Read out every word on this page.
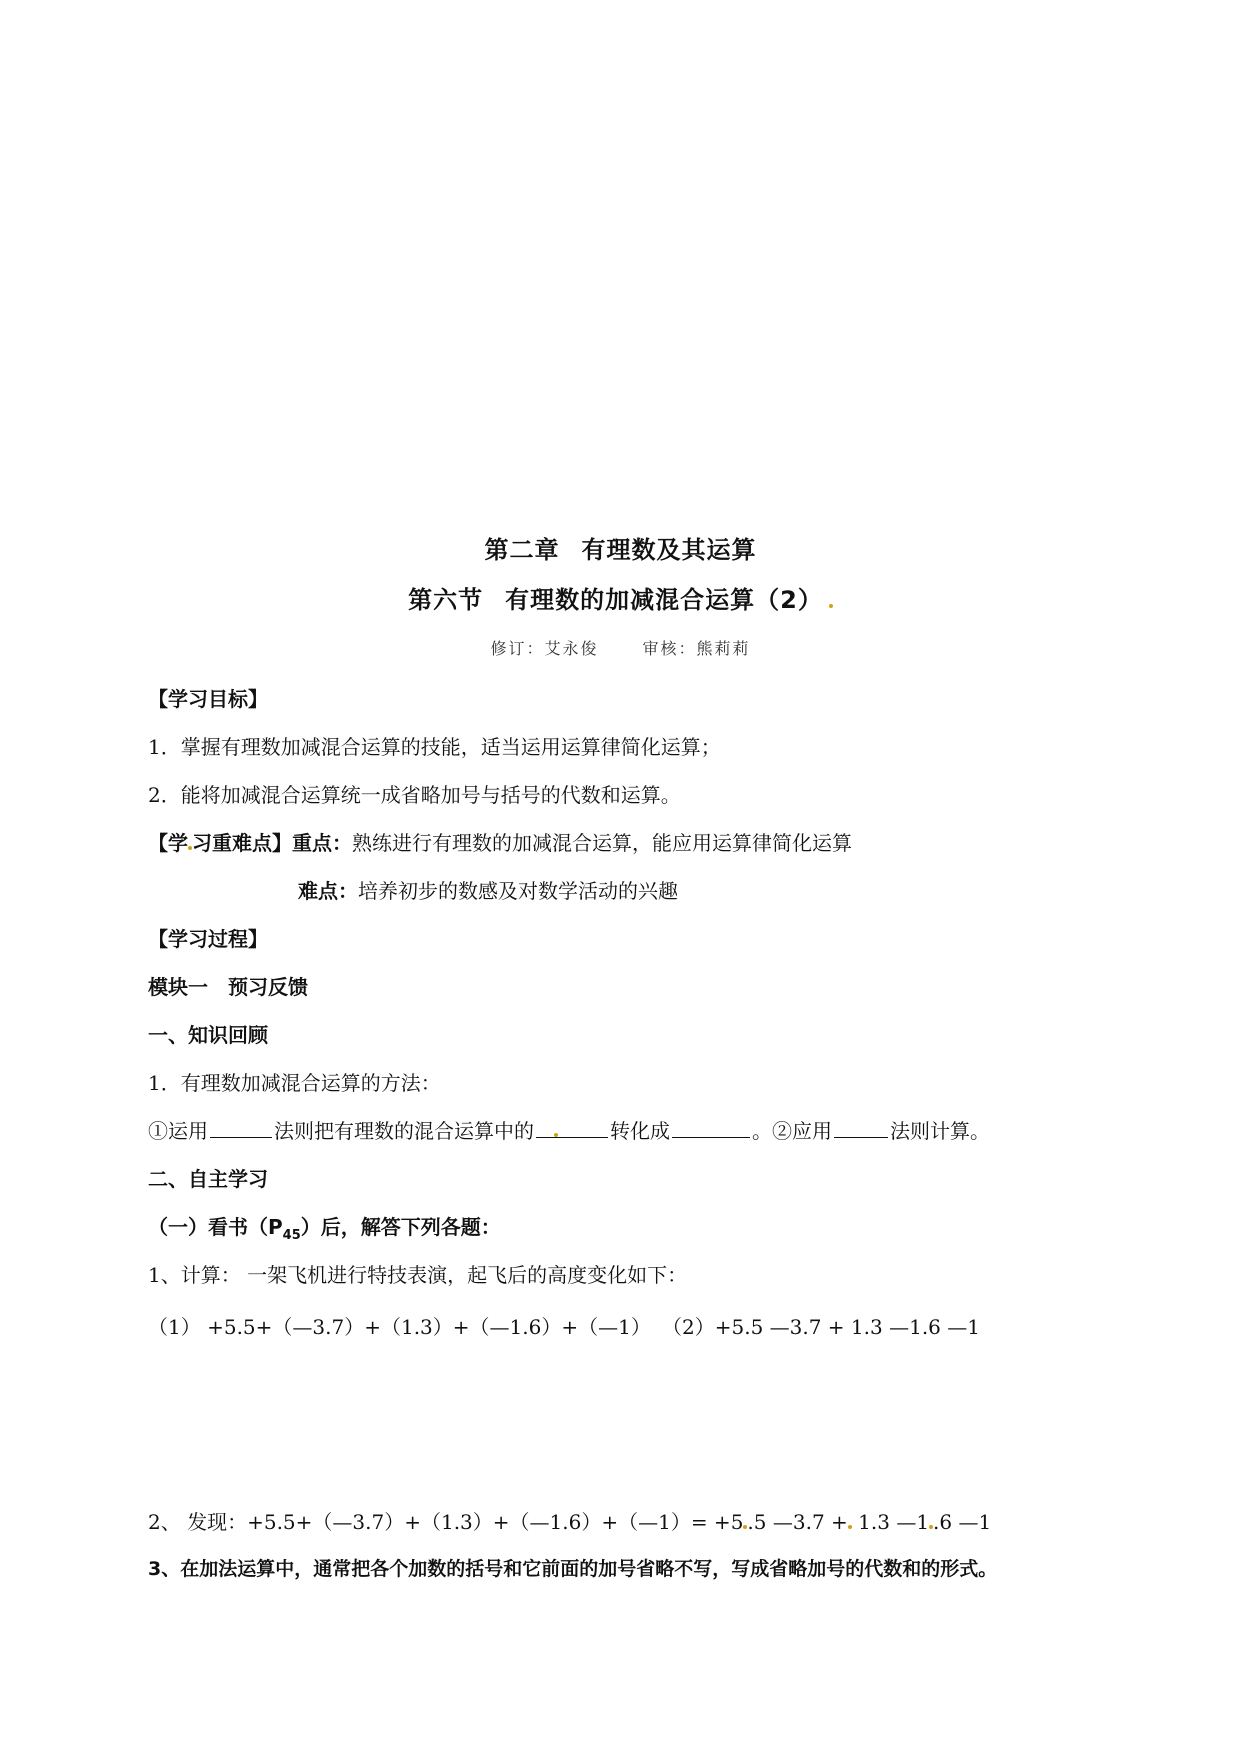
第二章 有理数及其运算
第六节 有理数的加减混合运算（2）
修订：艾永俊	审核：熊莉莉
【学习目标】
1．掌握有理数加减混合运算的技能，适当运用运算律简化运算；
2．能将加减混合运算统一成省略加号与括号的代数和运算。
【学 习重难点】重点：熟练进行有理数的加减混合运算，能应用运算律简化运算
难点：培养初步的数感及对数学活动的兴趣
【学习过程】
模块一　预习反馈
一、知识回顾
1．有理数加减混合运算的方法：
①运用	法则把有理数的混合运算中的	转化成	。②应用	法则计算。
二、自主学习
（一）看书$(P_{45})$后，解答下列各题：
1、计算： 一架飞机进行特技表演，起飞后的高度变化如下：
（1） +5.5+（—3.7）+（1.3）+（—1.6）+（—1） （2）+5.5 —3.7 + 1.3 —1.6 —1
2、 发现：+5.5+（—3.7）+（1.3）+（—1.6）+（—1）= +5 .5 —3.7 + 1.3 —1 .6 —1
3、在加法运算中，通常把各个加数的括号和它前面的加号省略不写，写成省略加号的代数和的形式。
